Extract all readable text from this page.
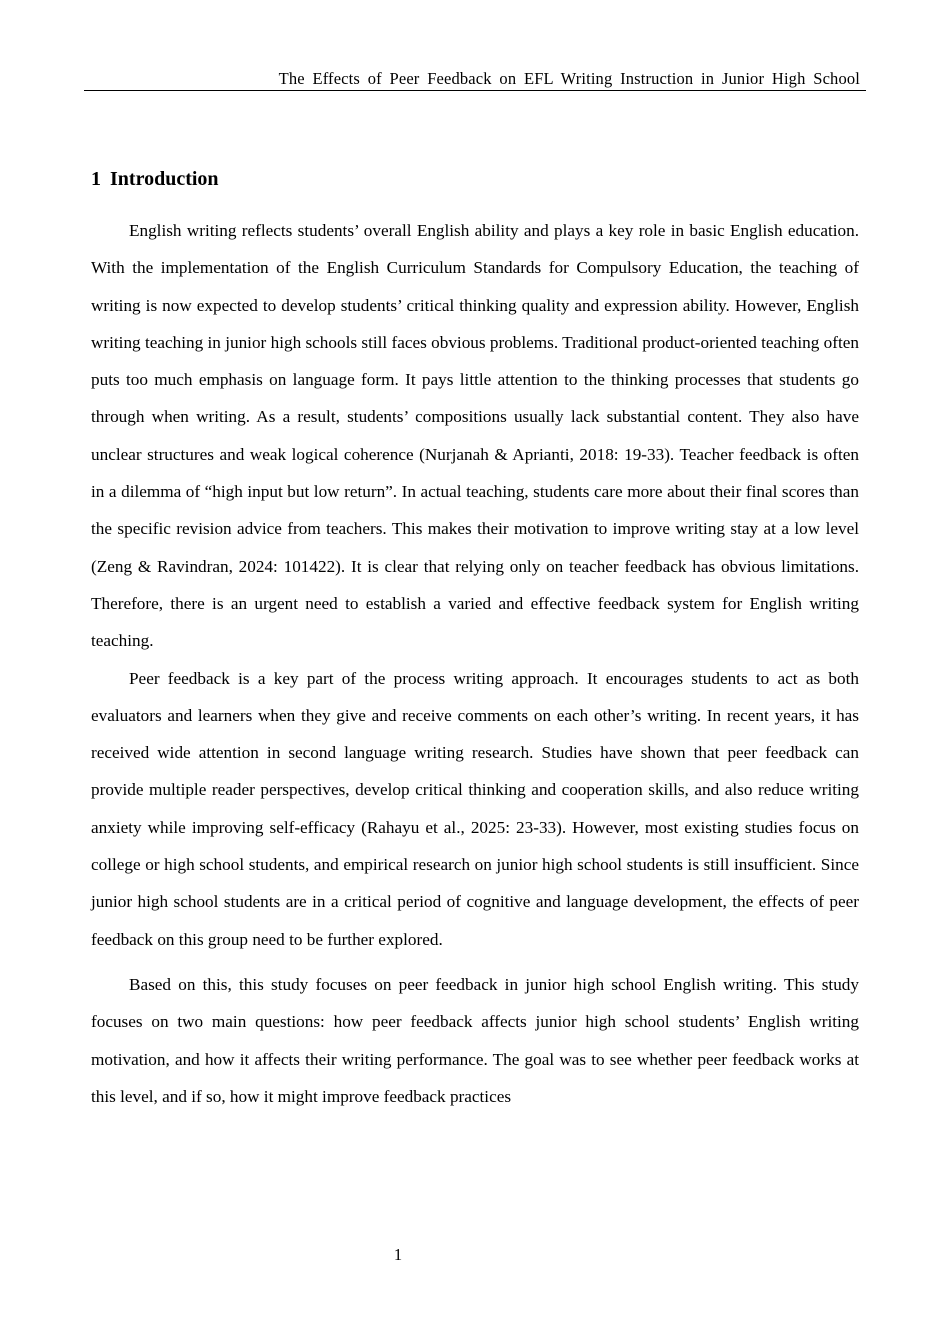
The Effects of Peer Feedback on EFL Writing Instruction in Junior High School
1 Introduction

English writing reflects students’ overall English ability and plays a key role in basic English education. With the implementation of the English Curriculum Standards for Compulsory Education, the teaching of writing is now expected to develop students’ critical thinking quality and expression ability. However, English writing teaching in junior high schools still faces obvious problems. Traditional product-oriented teaching often puts too much emphasis on language form. It pays little attention to the thinking processes that students go through when writing. As a result, students’ compositions usually lack substantial content. They also have unclear structures and weak logical coherence (Nurjanah & Aprianti, 2018: 19-33). Teacher feedback is often in a dilemma of “high input but low return”. In actual teaching, students care more about their final scores than the specific revision advice from teachers. This makes their motivation to improve writing stay at a low level (Zeng & Ravindran, 2024: 101422). It is clear that relying only on teacher feedback has obvious limitations. Therefore, there is an urgent need to establish a varied and effective feedback system for English writing teaching.

Peer feedback is a key part of the process writing approach. It encourages students to act as both evaluators and learners when they give and receive comments on each other’s writing. In recent years, it has received wide attention in second language writing research. Studies have shown that peer feedback can provide multiple reader perspectives, develop critical thinking and cooperation skills, and also reduce writing anxiety while improving self-efficacy (Rahayu et al., 2025: 23-33). However, most existing studies focus on college or high school students, and empirical research on junior high school students is still insufficient. Since junior high school students are in a critical period of cognitive and language development, the effects of peer feedback on this group need to be further explored.

Based on this, this study focuses on peer feedback in junior high school English writing. This study focuses on two main questions: how peer feedback affects junior high school students’ English writing motivation, and how it affects their writing performance. The goal was to see whether peer feedback works at this level, and if so, how it might improve feedback practices

1
